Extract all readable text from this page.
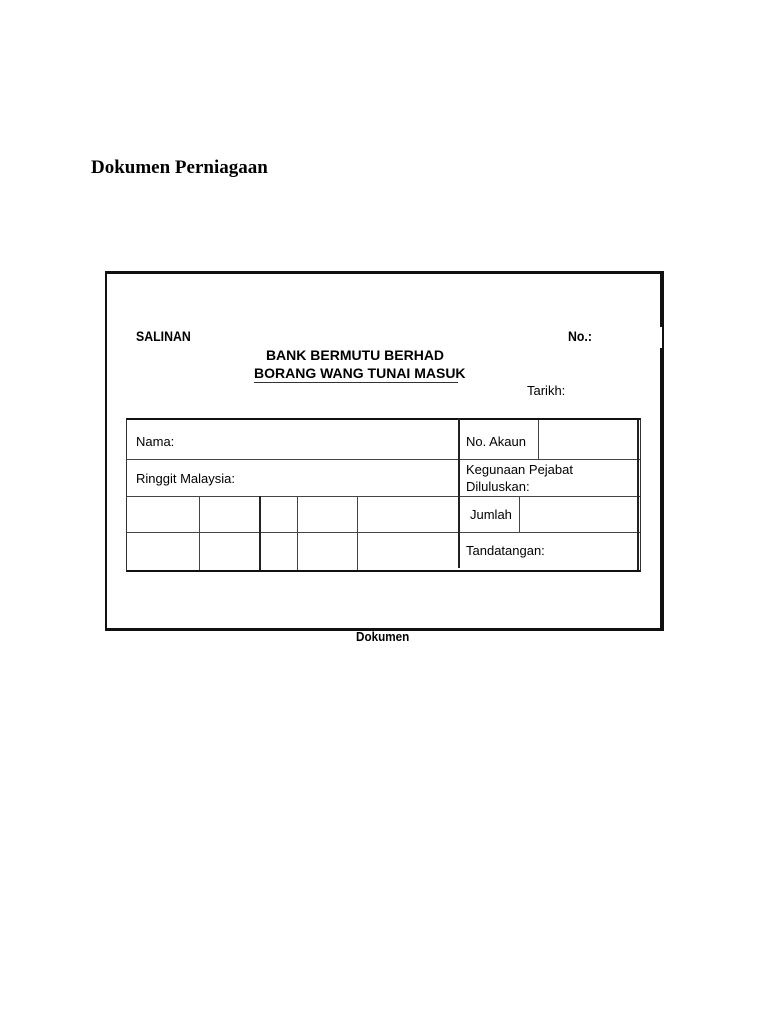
Dokumen Perniagaan
SALINAN	No.:
BANK BERMUTU BERHAD
BORANG WANG TUNAI MASUK
Tarikh:
Nama:	No. Akaun
Ringgit Malaysia:
Kegunaan Pejabat
Diluluskan:
Jumlah
Tandatangan:
Dokumen
